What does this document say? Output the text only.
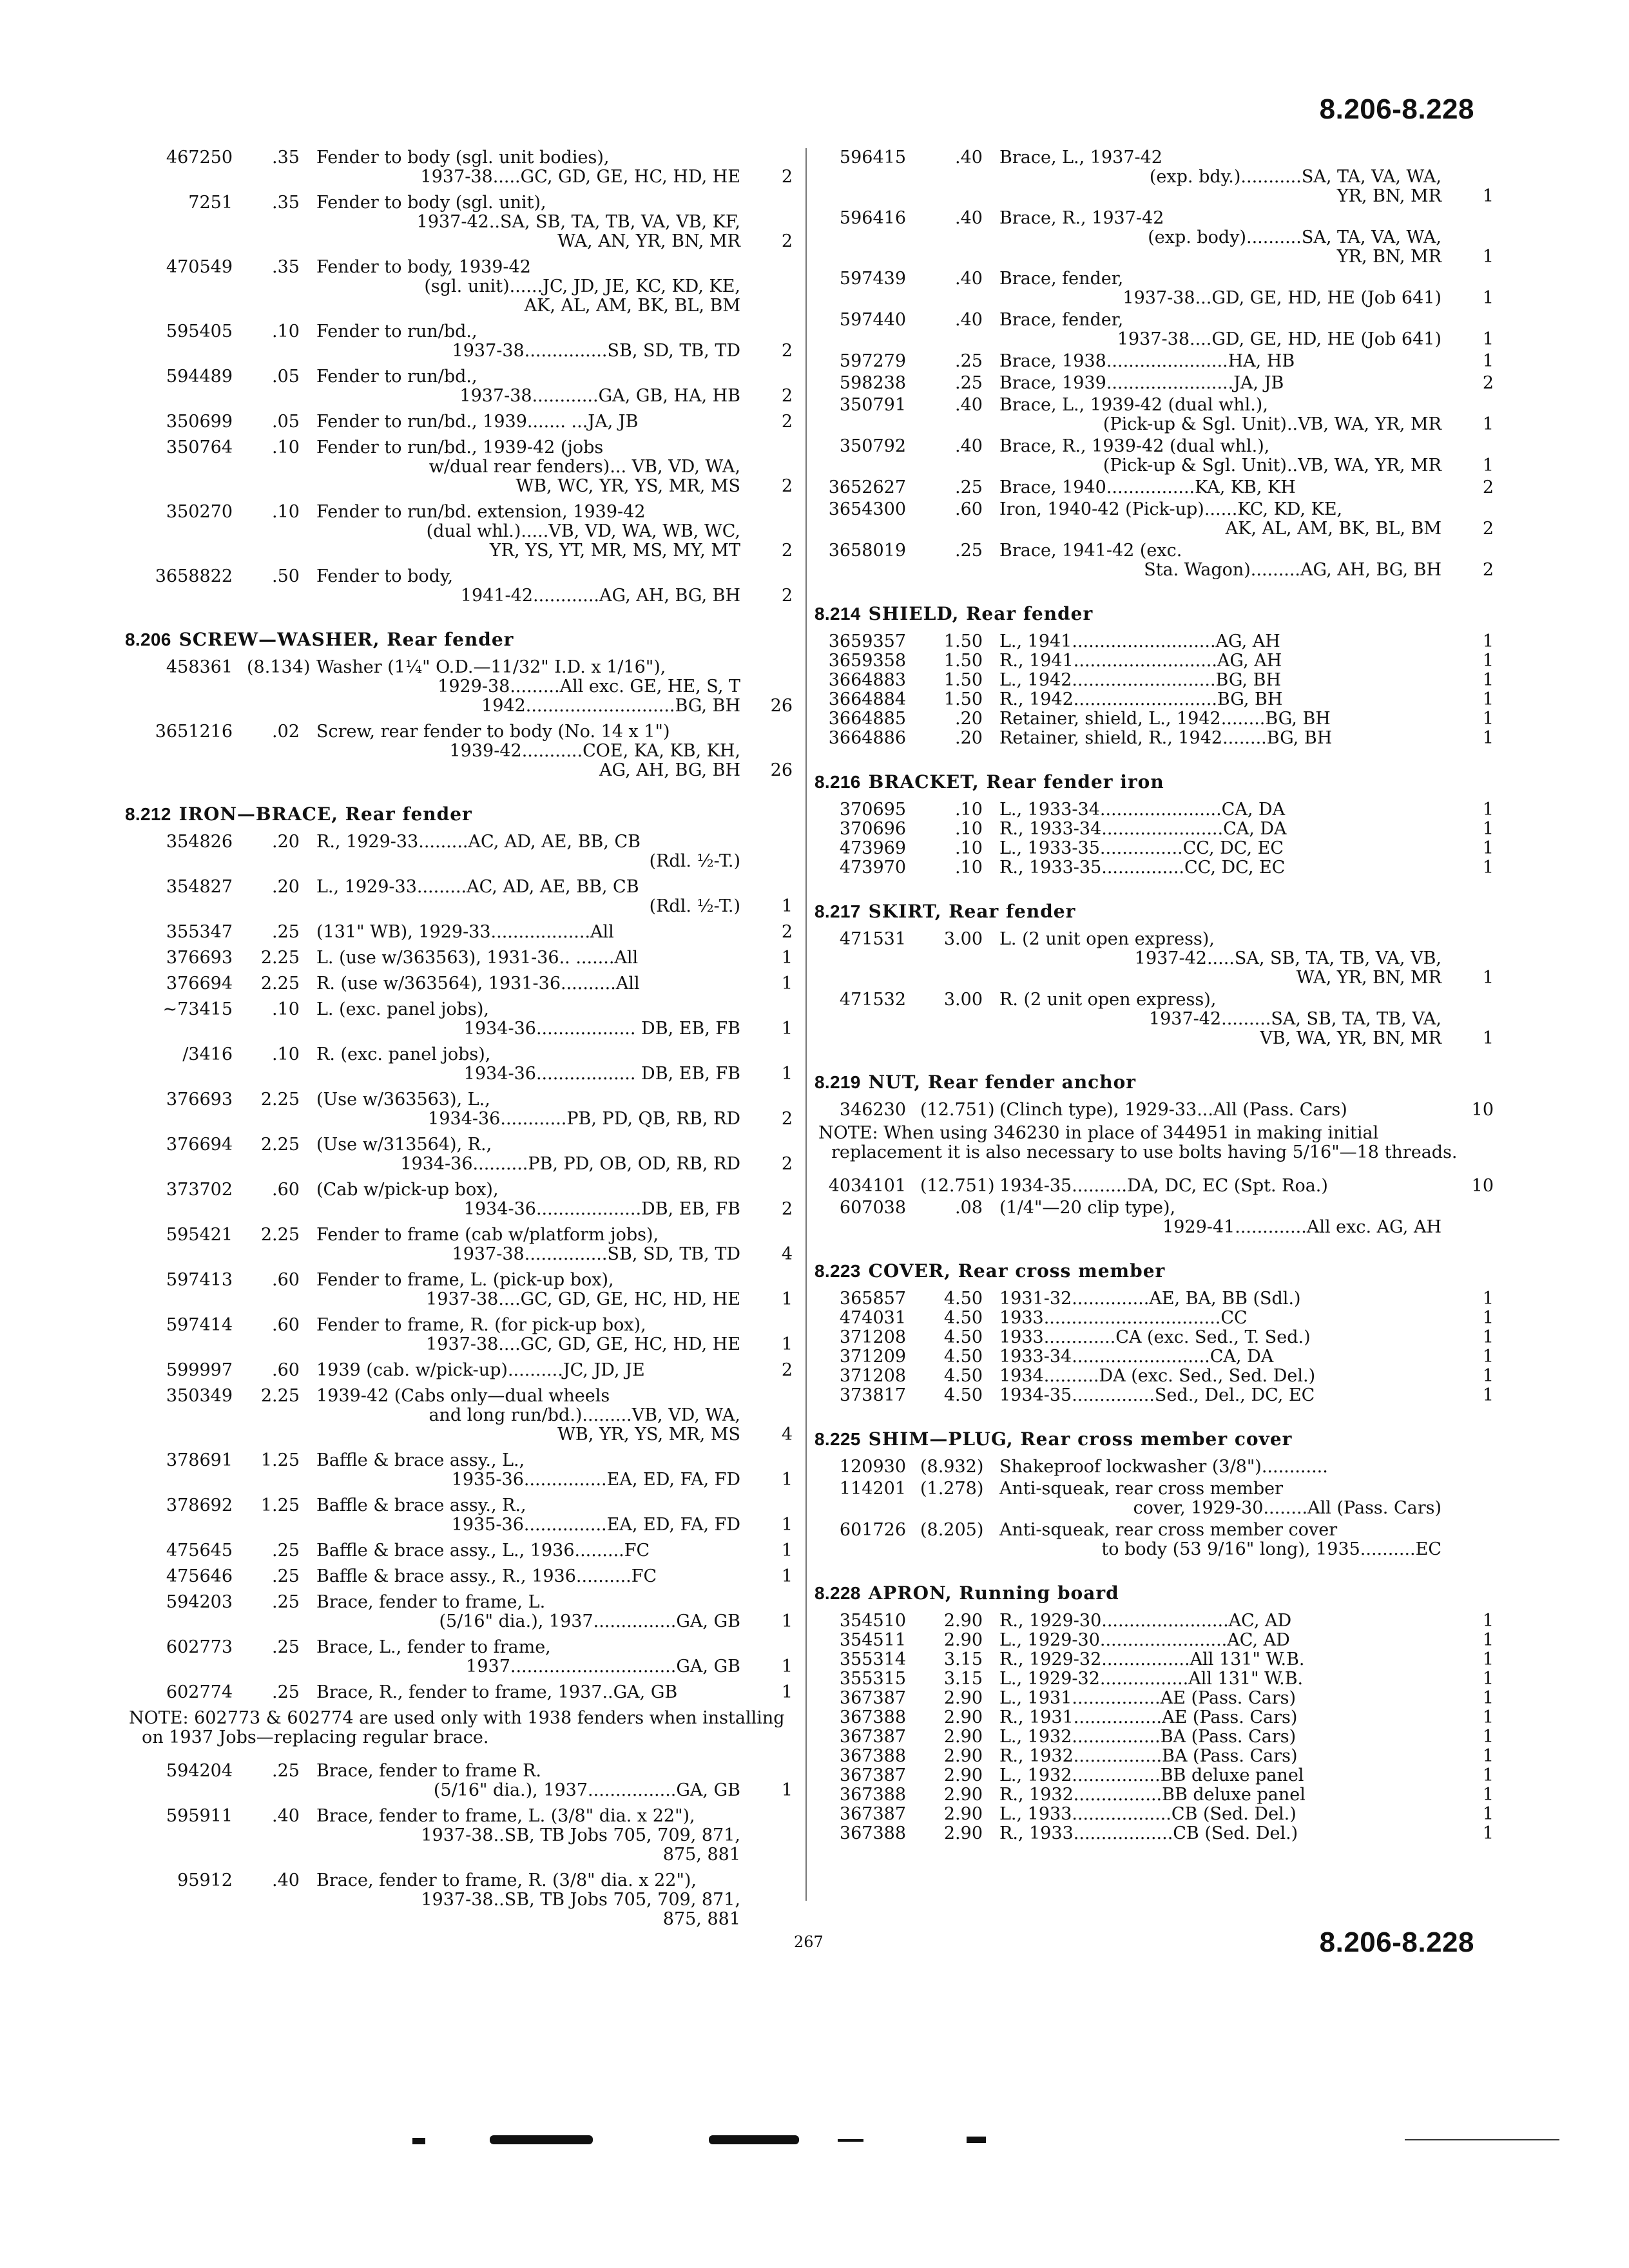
8.206-8.228
467250	.35 Fender to body (sgl. unit bodies),
1937-38.....GC, GD, GE, HC, HD, HE	2
7251	.35 Fender to body (sgl. unit),
1937-42..SA, SB, TA, TB, VA, VB, KF,
WA, AN, YR, BN, MR	2
470549	.35 Fender to body, 1939-42
(sgl. unit)......JC, JD, JE, KC, KD, KE,
AK, AL, AM, BK, BL, BM
595405	.10 Fender to run/bd.,
1937-38...............SB, SD, TB, TD	2
594489	.05 Fender to run/bd.,
1937-38............GA, GB, HA, HB	2
350699	.05 Fender to run/bd., 1939....... ...JA, JB	2
350764	.10 Fender to run/bd., 1939-42 (jobs
w/dual rear fenders)... VB, VD, WA,
WB, WC, YR, YS, MR, MS	2
350270	.10 Fender to run/bd. extension, 1939-42
(dual whl.).....VB, VD, WA, WB, WC,
YR, YS, YT, MR, MS, MY, MT	2
3658822	.50 Fender to body,
1941-42............AG, AH, BG, BH	2
8.206 SCREW—WASHER, Rear fender
458361 (8.134) Washer (1¼" O.D.—11/32" I.D. x 1/16"),
1929-38.........All exc. GE, HE, S, T
1942...........................BG, BH	26
3651216	.02 Screw, rear fender to body (No. 14 x 1")
1939-42...........COE, KA, KB, KH,
AG, AH, BG, BH	26
8.212 IRON—BRACE, Rear fender
354826	.20 R., 1929-33.........AC, AD, AE, BB, CB
(Rdl. ½-T.)
354827	.20 L., 1929-33.........AC, AD, AE, BB, CB
(Rdl. ½-T.)	1
355347	.25 (131" WB), 1929-33..................All	2
376693	2.25 L. (use w/363563), 1931-36.. .......All	1
376694	2.25 R. (use w/363564), 1931-36..........All	1
~73415	.10 L. (exc. panel jobs),
1934-36.................. DB, EB, FB	1
/3416	.10 R. (exc. panel jobs),
1934-36.................. DB, EB, FB	1
376693	2.25 (Use w/363563), L.,
1934-36............PB, PD, QB, RB, RD	2
376694	2.25 (Use w/313564), R.,
1934-36..........PB, PD, OB, OD, RB, RD	2
373702	.60 (Cab w/pick-up box),
1934-36...................DB, EB, FB	2
595421	2.25 Fender to frame (cab w/platform jobs),
1937-38...............SB, SD, TB, TD	4
597413	.60 Fender to frame, L. (pick-up box),
1937-38....GC, GD, GE, HC, HD, HE	1
597414	.60 Fender to frame, R. (for pick-up box),
1937-38....GC, GD, GE, HC, HD, HE	1
599997	.60 1939 (cab. w/pick-up)..........JC, JD, JE	2
350349	2.25 1939-42 (Cabs only—dual wheels
and long run/bd.).........VB, VD, WA,
WB, YR, YS, MR, MS	4
378691	1.25 Baffle & brace assy., L.,
1935-36...............EA, ED, FA, FD	1
378692	1.25 Baffle & brace assy., R.,
1935-36...............EA, ED, FA, FD	1
475645	.25 Baffle & brace assy., L., 1936.........FC	1
475646	.25 Baffle & brace assy., R., 1936..........FC	1
594203	.25 Brace, fender to frame, L.
(5/16" dia.), 1937...............GA, GB	1
602773	.25 Brace, L., fender to frame,
1937..............................GA, GB	1
602774	.25 Brace, R., fender to frame, 1937..GA, GB	1
NOTE: 602773 & 602774 are used only with 1938 fenders when installing on 1937 Jobs—replacing regular brace.
594204	.25 Brace, fender to frame R.
(5/16" dia.), 1937................GA, GB	1
595911	.40 Brace, fender to frame, L. (3/8" dia. x 22"),
1937-38..SB, TB Jobs 705, 709, 871,
875, 881
95912	.40 Brace, fender to frame, R. (3/8" dia. x 22"),
1937-38..SB, TB Jobs 705, 709, 871,
875, 881
596415	.40 Brace, L., 1937-42
(exp. bdy.)...........SA, TA, VA, WA,
YR, BN, MR	1
596416	.40 Brace, R., 1937-42
(exp. body)..........SA, TA, VA, WA,
YR, BN, MR	1
597439	.40 Brace, fender,
1937-38...GD, GE, HD, HE (Job 641)	1
597440	.40 Brace, fender,
1937-38....GD, GE, HD, HE (Job 641)	1
597279	.25 Brace, 1938......................HA, HB	1
598238	.25 Brace, 1939.......................JA, JB	2
350791	.40 Brace, L., 1939-42 (dual whl.),
(Pick-up & Sgl. Unit)..VB, WA, YR, MR	1
350792	.40 Brace, R., 1939-42 (dual whl.),
(Pick-up & Sgl. Unit)..VB, WA, YR, MR	1
3652627	.25 Brace, 1940................KA, KB, KH	2
3654300	.60 Iron, 1940-42 (Pick-up)......KC, KD, KE,
AK, AL, AM, BK, BL, BM	2
3658019	.25 Brace, 1941-42 (exc.
Sta. Wagon).........AG, AH, BG, BH	2
8.214 SHIELD, Rear fender
3659357	1.50 L., 1941..........................AG, AH	1
3659358	1.50 R., 1941..........................AG, AH	1
3664883	1.50 L., 1942..........................BG, BH	1
3664884	1.50 R., 1942..........................BG, BH	1
3664885	.20 Retainer, shield, L., 1942........BG, BH	1
3664886	.20 Retainer, shield, R., 1942........BG, BH	1
8.216 BRACKET, Rear fender iron
370695	.10 L., 1933-34......................CA, DA	1
370696	.10 R., 1933-34......................CA, DA	1
473969	.10 L., 1933-35...............CC, DC, EC	1
473970	.10 R., 1933-35...............CC, DC, EC	1
8.217 SKIRT, Rear fender
471531	3.00 L. (2 unit open express),
1937-42.....SA, SB, TA, TB, VA, VB,
WA, YR, BN, MR	1
471532	3.00 R. (2 unit open express),
1937-42.........SA, SB, TA, TB, VA,
VB, WA, YR, BN, MR	1
8.219 NUT, Rear fender anchor
346230 (12.751) (Clinch type), 1929-33...All (Pass. Cars)	10
NOTE: When using 346230 in place of 344951 in making initial replacement it is also necessary to use bolts having 5/16"—18 threads.
4034101 (12.751) 1934-35..........DA, DC, EC (Spt. Roa.)	10
607038	.08 (1/4"—20 clip type),
1929-41.............All exc. AG, AH
8.223 COVER, Rear cross member
365857	4.50 1931-32..............AE, BA, BB (Sdl.)	1
474031	4.50 1933................................CC	1
371208	4.50 1933.............CA (exc. Sed., T. Sed.)	1
371209	4.50 1933-34.........................CA, DA	1
371208	4.50 1934..........DA (exc. Sed., Sed. Del.)	1
373817	4.50 1934-35...............Sed., Del., DC, EC	1
8.225 SHIM—PLUG, Rear cross member cover
120930 (8.932) Shakeproof lockwasher (3/8")............
114201 (1.278) Anti-squeak, rear cross member
cover, 1929-30........All (Pass. Cars)
601726 (8.205) Anti-squeak, rear cross member cover
to body (53 9/16" long), 1935..........EC
8.228 APRON, Running board
354510	2.90 R., 1929-30.......................AC, AD	1
354511	2.90 L., 1929-30.......................AC, AD	1
355314	3.15 R., 1929-32................All 131" W.B.	1
355315	3.15 L., 1929-32................All 131" W.B.	1
367387	2.90 L., 1931................AE (Pass. Cars)	1
367388	2.90 R., 1931................AE (Pass. Cars)	1
367387	2.90 L., 1932................BA (Pass. Cars)	1
367388	2.90 R., 1932................BA (Pass. Cars)	1
367387	2.90 L., 1932................BB deluxe panel	1
367388	2.90 R., 1932................BB deluxe panel	1
367387	2.90 L., 1933..................CB (Sed. Del.)	1
367388	2.90 R., 1933..................CB (Sed. Del.)	1
267	8.206-8.228
